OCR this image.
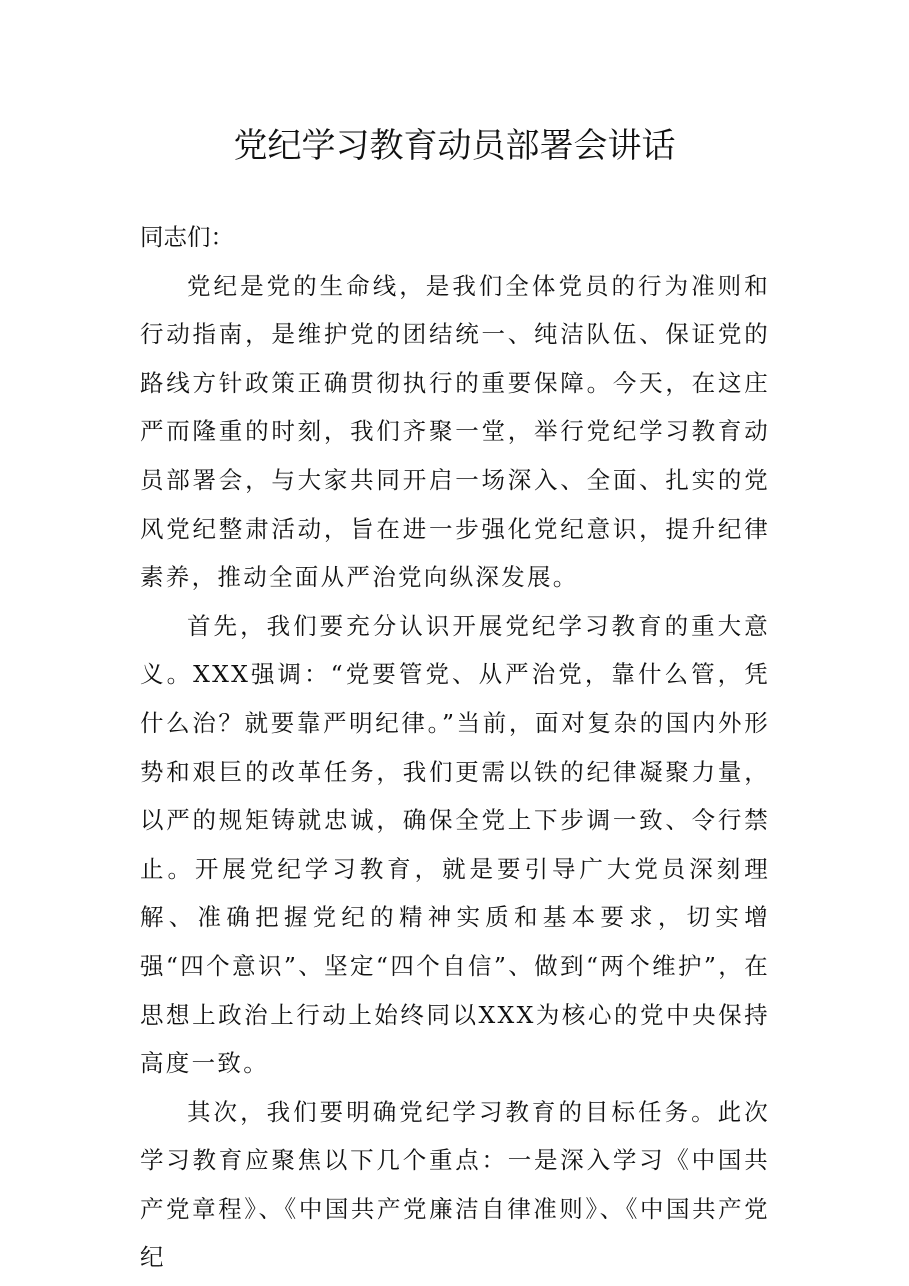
党纪学习教育动员部署会讲话

同志们：

党纪是党的生命线，是我们全体党员的行为准则和行动指南，是维护党的团结统一、纯洁队伍、保证党的路线方针政策正确贯彻执行的重要保障。今天，在这庄严而隆重的时刻，我们齐聚一堂，举行党纪学习教育动员部署会，与大家共同开启一场深入、全面、扎实的党风党纪整肃活动，旨在进一步强化党纪意识，提升纪律素养，推动全面从严治党向纵深发展。

首先，我们要充分认识开展党纪学习教育的重大意义。XXX强调：“党要管党、从严治党，靠什么管，凭什么治？就要靠严明纪律。”当前，面对复杂的国内外形势和艰巨的改革任务，我们更需以铁的纪律凝聚力量，以严的规矩铸就忠诚，确保全党上下步调一致、令行禁止。开展党纪学习教育，就是要引导广大党员深刻理解、准确把握党纪的精神实质和基本要求，切实增强“四个意识”、坚定“四个自信”、做到“两个维护”，在思想上政治上行动上始终同以XXX为核心的党中央保持高度一致。

其次，我们要明确党纪学习教育的目标任务。此次学习教育应聚焦以下几个重点：一是深入学习《中国共产党章程》、《中国共产党廉洁自律准则》、《中国共产党纪
